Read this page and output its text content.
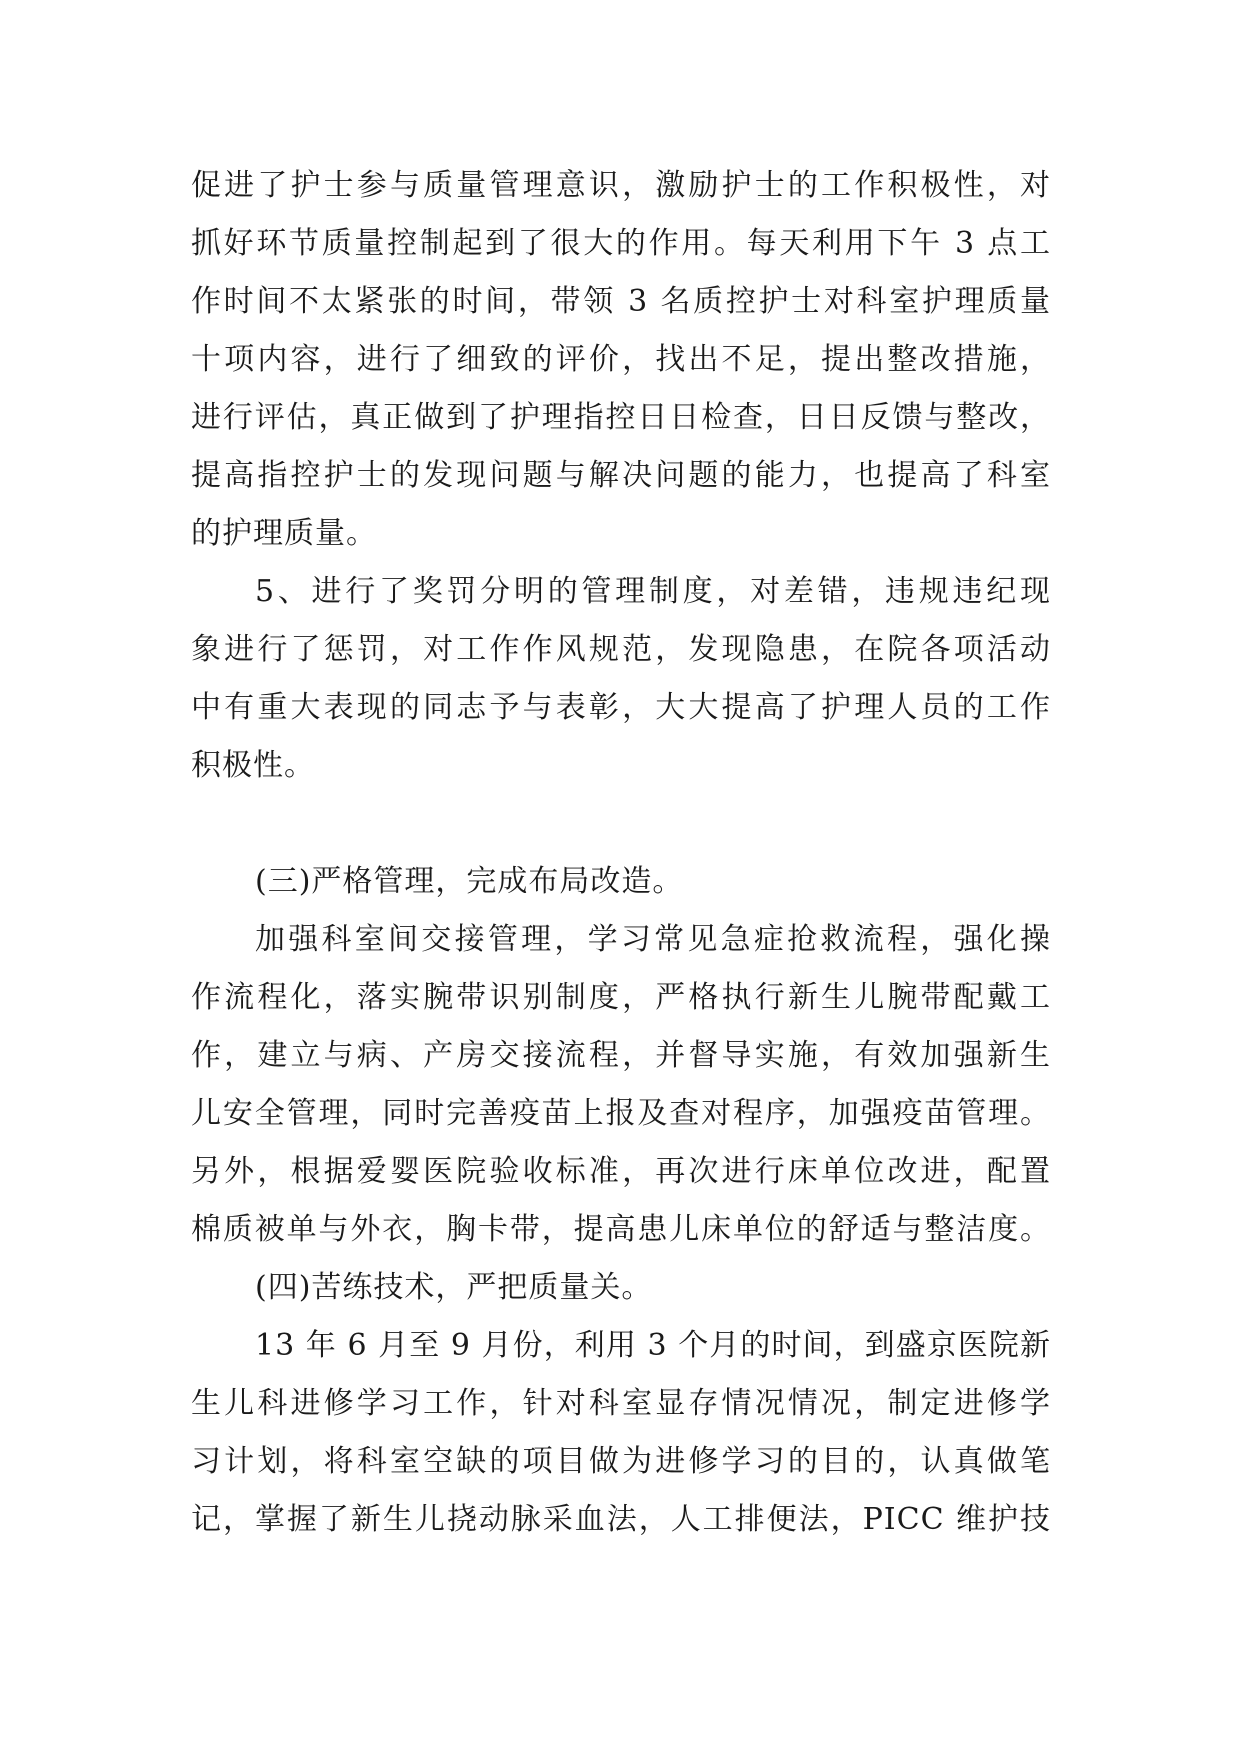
促进了护士参与质量管理意识，激励护士的工作积极性，对
抓好环节质量控制起到了很大的作用。每天利用下午 3 点工
作时间不太紧张的时间，带领 3 名质控护士对科室护理质量
十项内容，进行了细致的评价，找出不足，提出整改措施，
进行评估，真正做到了护理指控日日检查，日日反馈与整改，
提高指控护士的发现问题与解决问题的能力，也提高了科室
的护理质量。
5、进行了奖罚分明的管理制度，对差错，违规违纪现
象进行了惩罚，对工作作风规范，发现隐患，在院各项活动
中有重大表现的同志予与表彰，大大提高了护理人员的工作
积极性。
(三)严格管理，完成布局改造。
加强科室间交接管理，学习常见急症抢救流程，强化操
作流程化，落实腕带识别制度，严格执行新生儿腕带配戴工
作，建立与病、产房交接流程，并督导实施，有效加强新生
儿安全管理，同时完善疫苗上报及查对程序，加强疫苗管理。
另外，根据爱婴医院验收标准，再次进行床单位改进，配置
棉质被单与外衣，胸卡带，提高患儿床单位的舒适与整洁度。
(四)苦练技术，严把质量关。
13 年 6 月至 9 月份，利用 3 个月的时间，到盛京医院新
生儿科进修学习工作，针对科室显存情况情况，制定进修学
习计划，将科室空缺的项目做为进修学习的目的，认真做笔
记，掌握了新生儿挠动脉采血法，人工排便法，PICC 维护技
